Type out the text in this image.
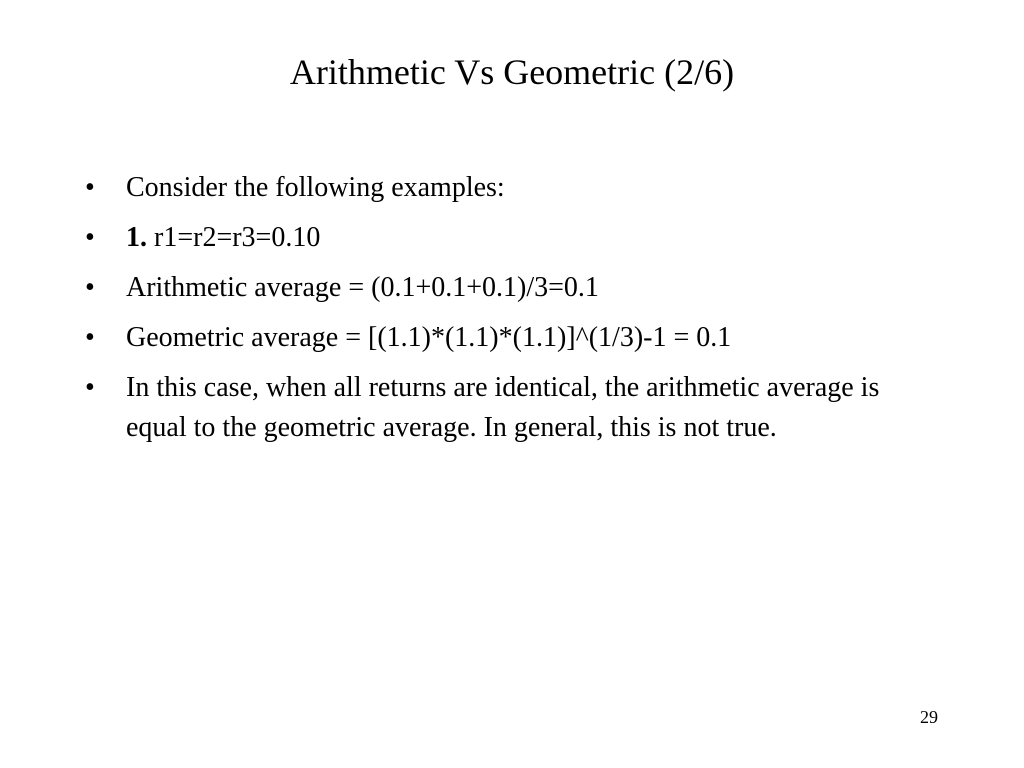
Arithmetic Vs Geometric (2/6)
•	Consider the following examples:
•	1. r1=r2=r3=0.10
•	Arithmetic average = (0.1+0.1+0.1)/3=0.1
•	Geometric average = [(1.1)*(1.1)*(1.1)]^(1/3)-1 = 0.1
•	In this case, when all returns are identical, the arithmetic average is equal to the geometric average. In general, this is not true.
29
